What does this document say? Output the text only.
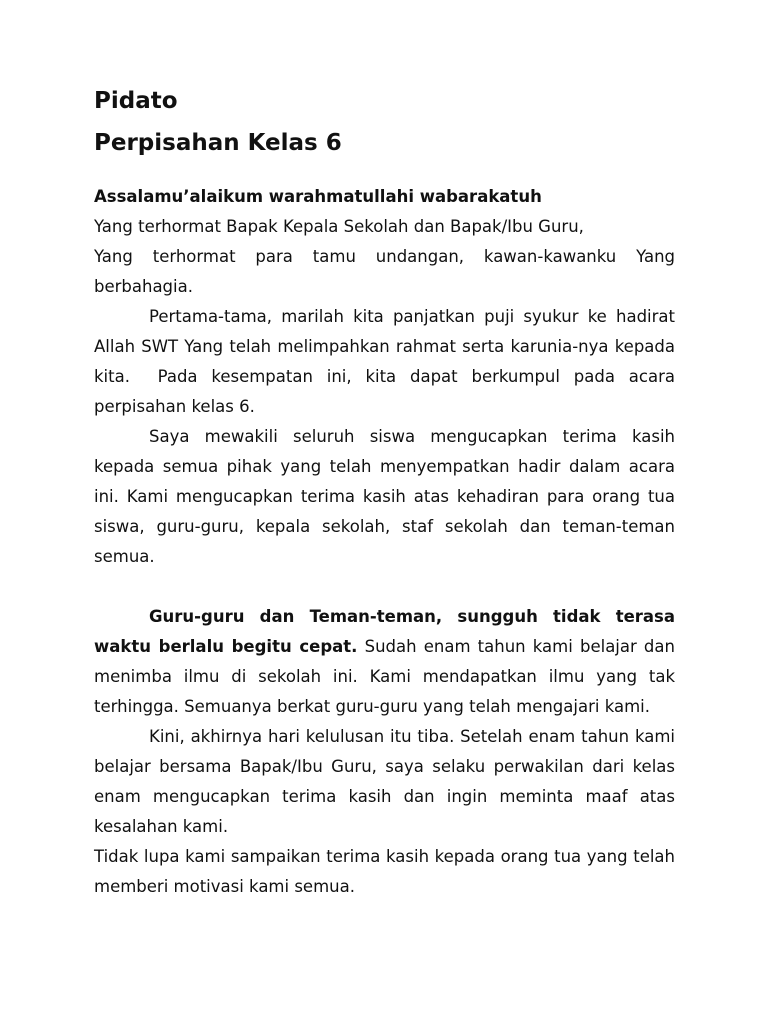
Pidato
Perpisahan Kelas 6

Assalamu’alaikum warahmatullahi wabarakatuh

Yang terhormat Bapak Kepala Sekolah dan Bapak/Ibu Guru,

Yang terhormat para tamu undangan, kawan-kawanku Yang berbahagia.

Pertama-tama, marilah kita panjatkan puji syukur ke hadirat Allah SWT Yang telah melimpahkan rahmat serta karunia-nya kepada kita.  Pada kesempatan ini, kita dapat berkumpul pada acara perpisahan kelas 6.

Saya mewakili seluruh siswa mengucapkan terima kasih kepada semua pihak yang telah menyempatkan hadir dalam acara ini. Kami mengucapkan terima kasih atas kehadiran para orang tua siswa, guru-guru, kepala sekolah, staf sekolah dan teman-teman semua.

Guru-guru dan Teman-teman, sungguh tidak terasa waktu berlalu begitu cepat. Sudah enam tahun kami belajar dan menimba ilmu di sekolah ini. Kami mendapatkan ilmu yang tak terhingga. Semuanya berkat guru-guru yang telah mengajari kami.

Kini, akhirnya hari kelulusan itu tiba. Setelah enam tahun kami belajar bersama Bapak/Ibu Guru, saya selaku perwakilan dari kelas enam mengucapkan terima kasih dan ingin meminta maaf atas kesalahan kami.

Tidak lupa kami sampaikan terima kasih kepada orang tua yang telah memberi motivasi kami semua.
